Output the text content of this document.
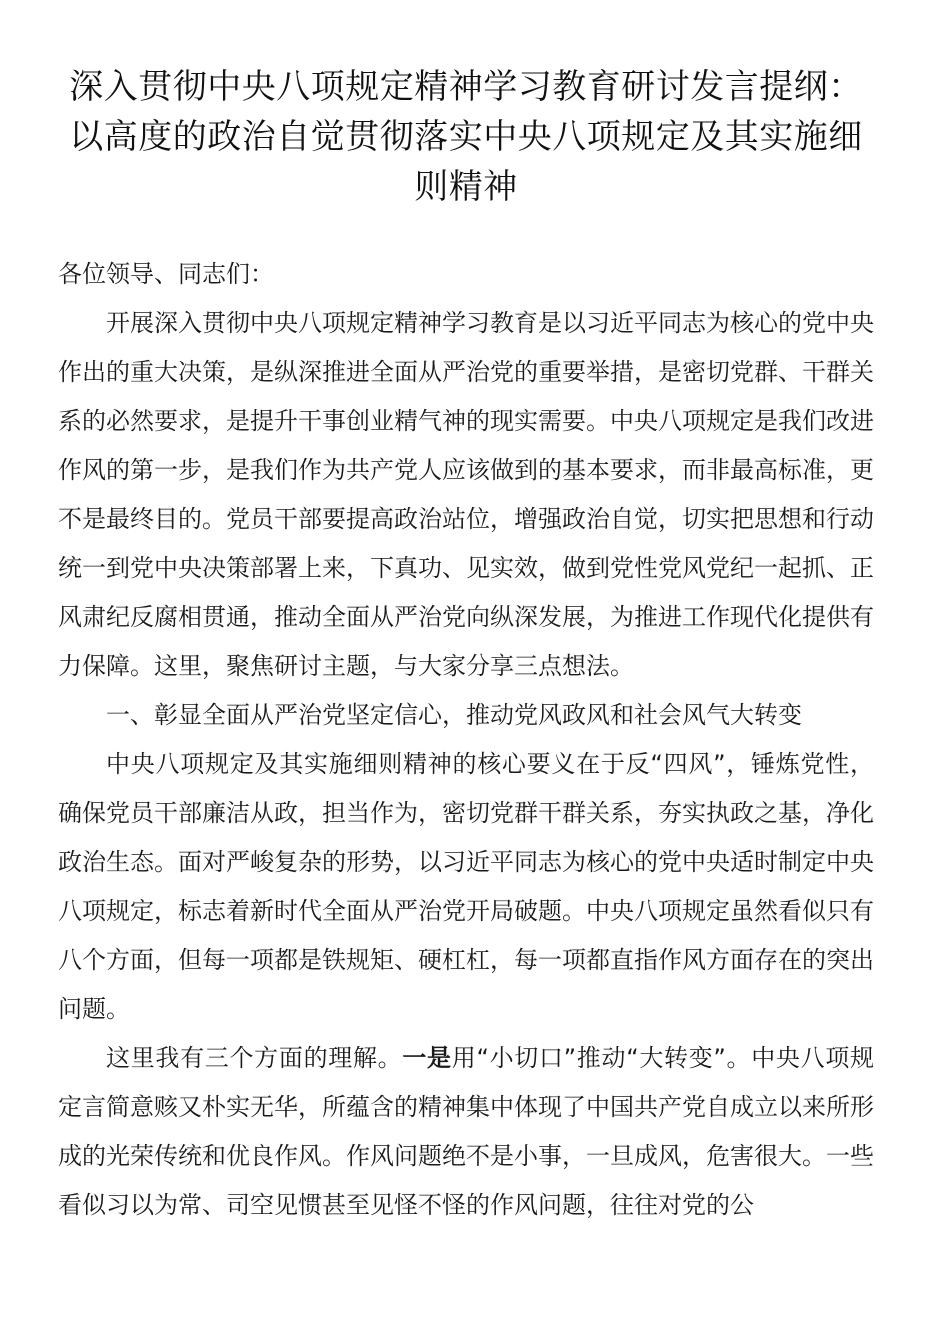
深入贯彻中央八项规定精神学习教育研讨发言提纲：
以高度的政治自觉贯彻落实中央八项规定及其实施细
则精神

各位领导、同志们：

开展深入贯彻中央八项规定精神学习教育是以习近平同志为核心的党中央作出的重大决策，是纵深推进全面从严治党的重要举措，是密切党群、干群关系的必然要求，是提升干事创业精气神的现实需要。中央八项规定是我们改进作风的第一步，是我们作为共产党人应该做到的基本要求，而非最高标准，更不是最终目的。党员干部要提高政治站位，增强政治自觉，切实把思想和行动统一到党中央决策部署上来，下真功、见实效，做到党性党风党纪一起抓、正风肃纪反腐相贯通，推动全面从严治党向纵深发展，为推进工作现代化提供有力保障。这里，聚焦研讨主题，与大家分享三点想法。

一、彰显全面从严治党坚定信心，推动党风政风和社会风气大转变

中央八项规定及其实施细则精神的核心要义在于反“四风”，锤炼党性，确保党员干部廉洁从政，担当作为，密切党群干群关系，夯实执政之基，净化政治生态。面对严峻复杂的形势，以习近平同志为核心的党中央适时制定中央八项规定，标志着新时代全面从严治党开局破题。中央八项规定虽然看似只有八个方面，但每一项都是铁规矩、硬杠杠，每一项都直指作风方面存在的突出问题。

这里我有三个方面的理解。一是用“小切口”推动“大转变”。中央八项规定言简意赅又朴实无华，所蕴含的精神集中体现了中国共产党自成立以来所形成的光荣传统和优良作风。作风问题绝不是小事，一旦成风，危害很大。一些看似习以为常、司空见惯甚至见怪不怪的作风问题，往往对党的公
